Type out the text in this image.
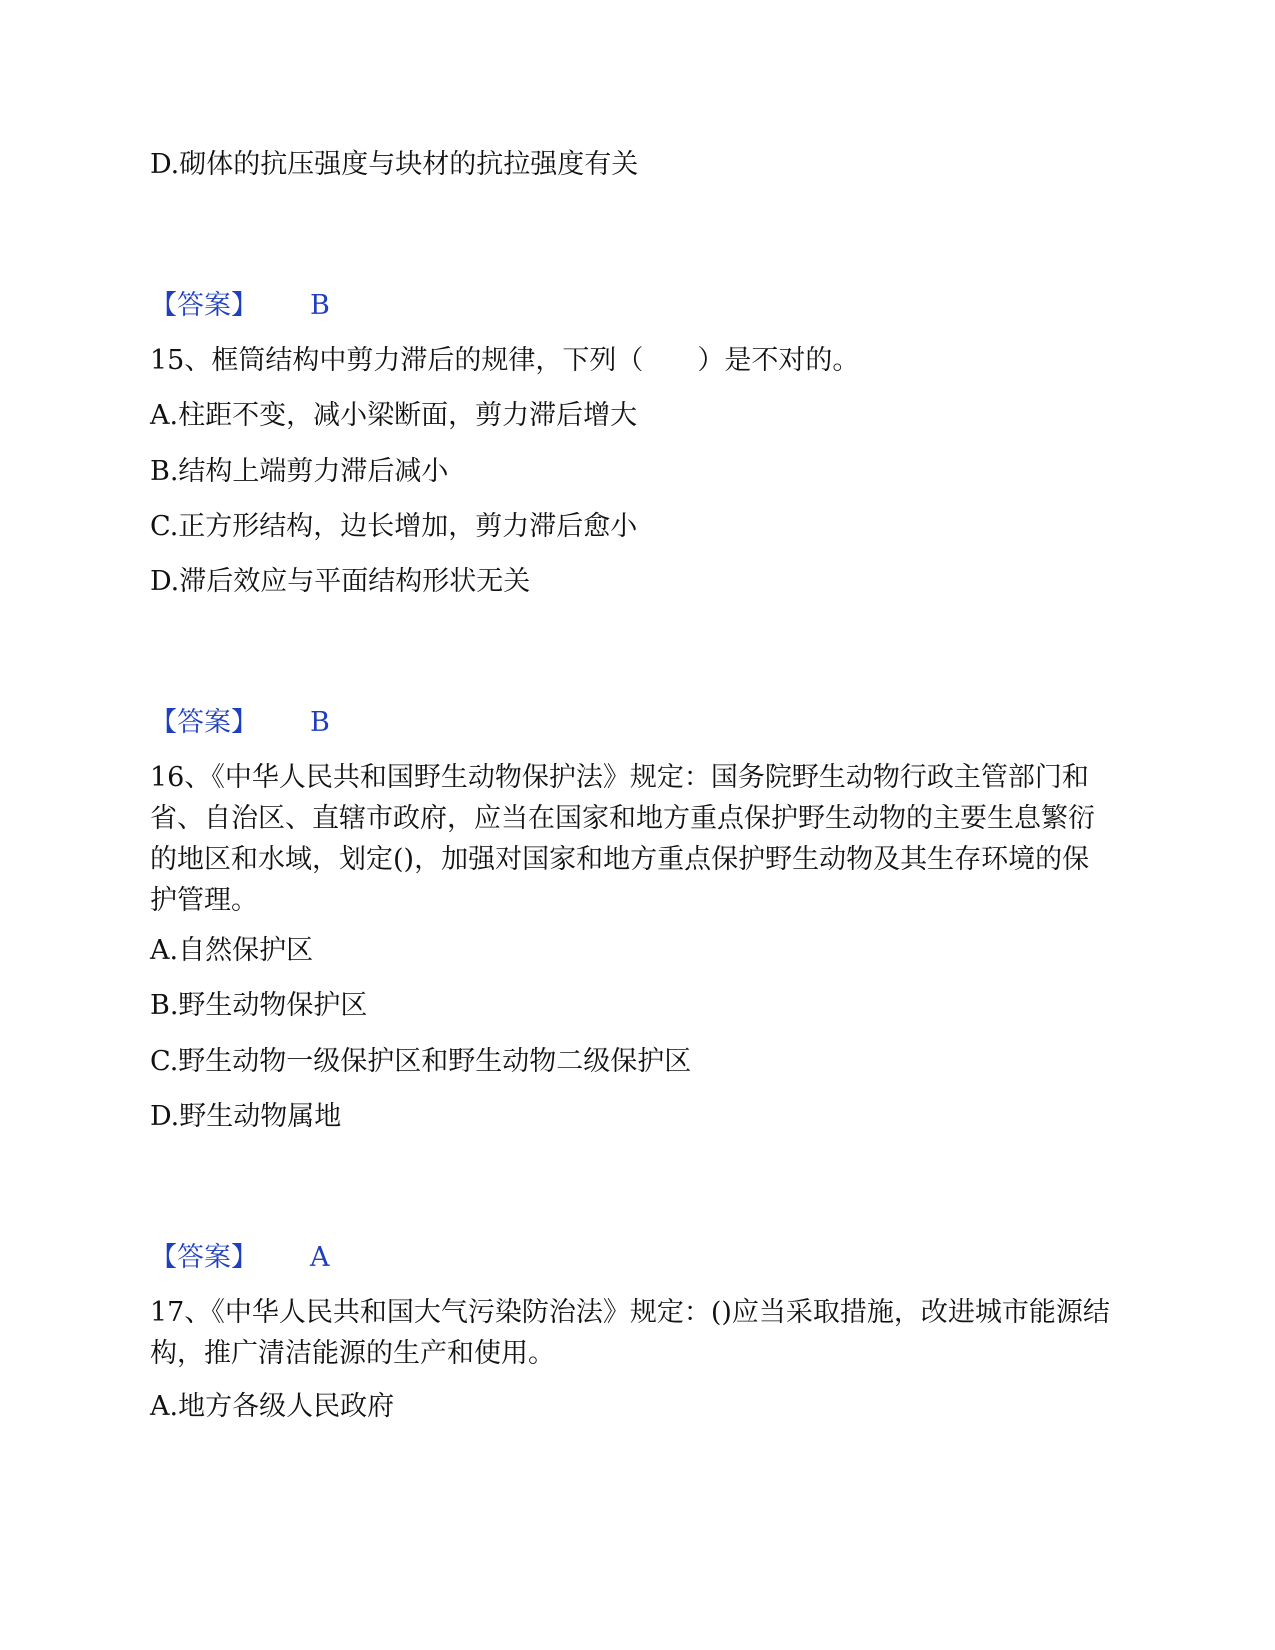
D.砌体的抗压强度与块材的抗拉强度有关
【答案】 B
15、框筒结构中剪力滞后的规律，下列（　　）是不对的。
A.柱距不变，减小梁断面，剪力滞后增大
B.结构上端剪力滞后减小
C.正方形结构，边长增加，剪力滞后愈小
D.滞后效应与平面结构形状无关
【答案】 B
16、《中华人民共和国野生动物保护法》规定：国务院野生动物行政主管部门和省、自治区、直辖市政府，应当在国家和地方重点保护野生动物的主要生息繁衍的地区和水域，划定()，加强对国家和地方重点保护野生动物及其生存环境的保护管理。
A.自然保护区
B.野生动物保护区
C.野生动物一级保护区和野生动物二级保护区
D.野生动物属地
【答案】 A
17、《中华人民共和国大气污染防治法》规定：()应当采取措施，改进城市能源结构，推广清洁能源的生产和使用。
A.地方各级人民政府
